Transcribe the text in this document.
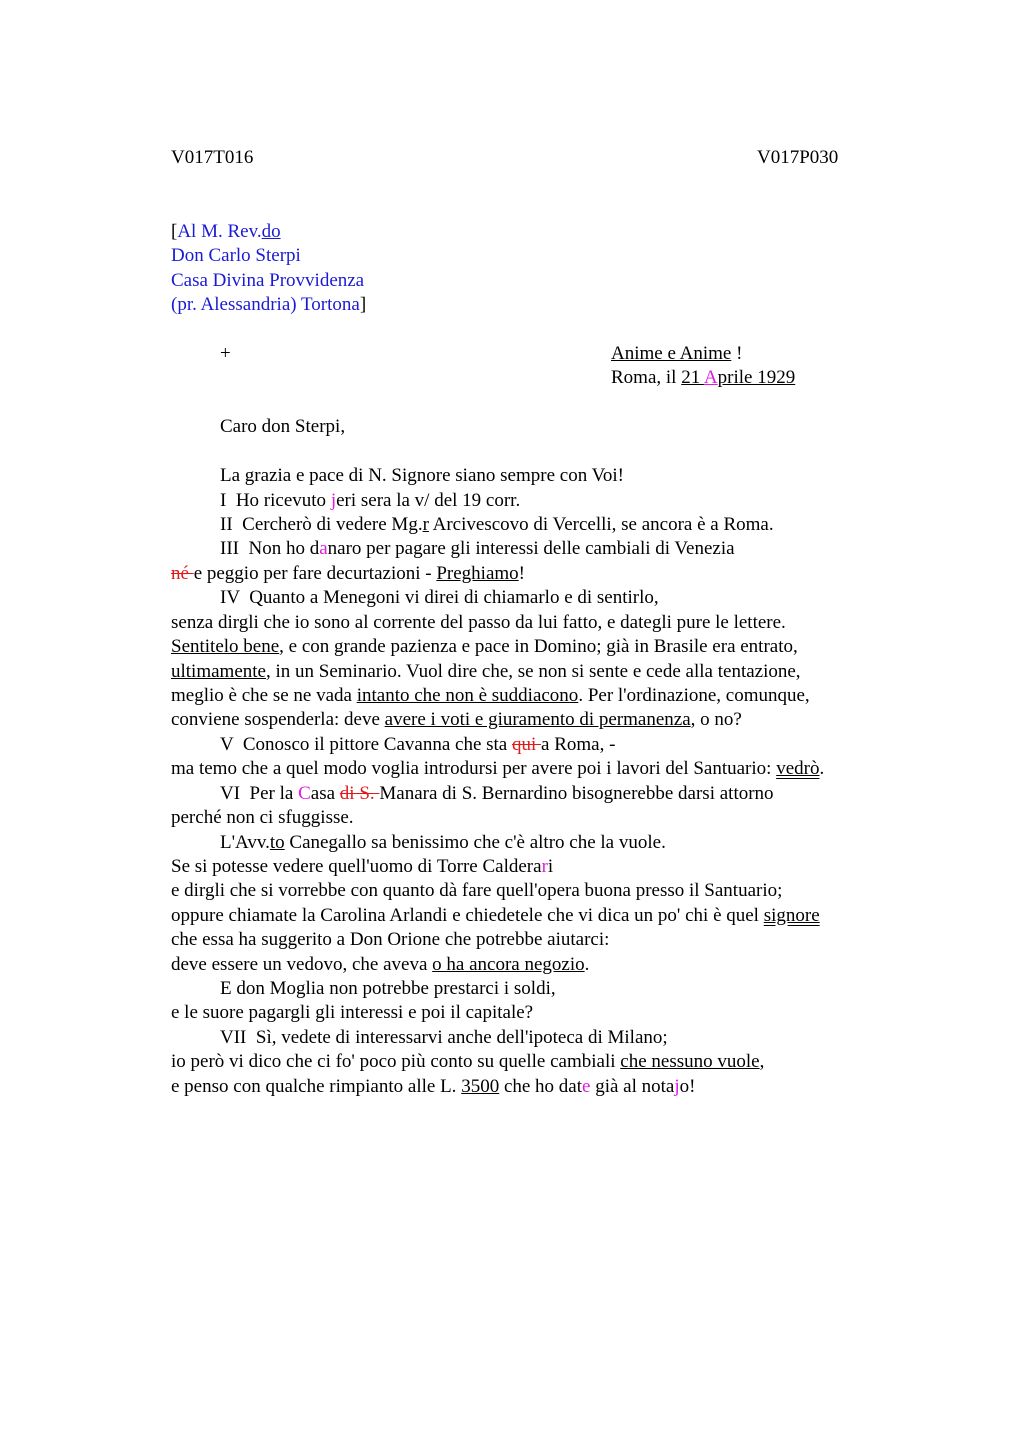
V017T016	V017P030
[Al M. Rev.do
Don Carlo Sterpi
Casa Divina Provvidenza
(pr. Alessandria) Tortona]
+	Anime e Anime !
Roma, il 21 Aprile 1929
Caro don Sterpi,
La grazia e pace di N. Signore siano sempre con Voi!
I  Ho ricevuto jeri sera la v/ del 19 corr.
II  Cercherò di vedere Mg.r Arcivescovo di Vercelli, se ancora è a Roma.
III  Non ho danaro per pagare gli interessi delle cambiali di Venezia
né e peggio per fare decurtazioni - Preghiamo!
IV  Quanto a Menegoni vi direi di chiamarlo e di sentirlo,
senza dirgli che io sono al corrente del passo da lui fatto, e dategli pure le lettere.
Sentitelo bene, e con grande pazienza e pace in Domino; già in Brasile era entrato,
ultimamente, in un Seminario. Vuol dire che, se non si sente e cede alla tentazione,
meglio è che se ne vada intanto che non è suddiacono. Per l'ordinazione, comunque,
conviene sospenderla: deve avere i voti e giuramento di permanenza, o no?
V  Conosco il pittore Cavanna che sta qui a Roma, -
ma temo che a quel modo voglia introdursi per avere poi i lavori del Santuario: vedrò.
VI  Per la Casa di S. Manara di S. Bernardino bisognerebbe darsi attorno
perché non ci sfuggisse.
L'Avv.to Canegallo sa benissimo che c'è altro che la vuole.
Se si potesse vedere quell'uomo di Torre Calderari
e dirgli che si vorrebbe con quanto dà fare quell'opera buona presso il Santuario;
oppure chiamate la Carolina Arlandi e chiedetele che vi dica un po' chi è quel signore
che essa ha suggerito a Don Orione che potrebbe aiutarci:
deve essere un vedovo, che aveva o ha ancora negozio.
E don Moglia non potrebbe prestarci i soldi,
e le suore pagargli gli interessi e poi il capitale?
VII  Sì, vedete di interessarvi anche dell'ipoteca di Milano;
io però vi dico che ci fo' poco più conto su quelle cambiali che nessuno vuole,
e penso con qualche rimpianto alle L. 3500 che ho date già al notajo!
